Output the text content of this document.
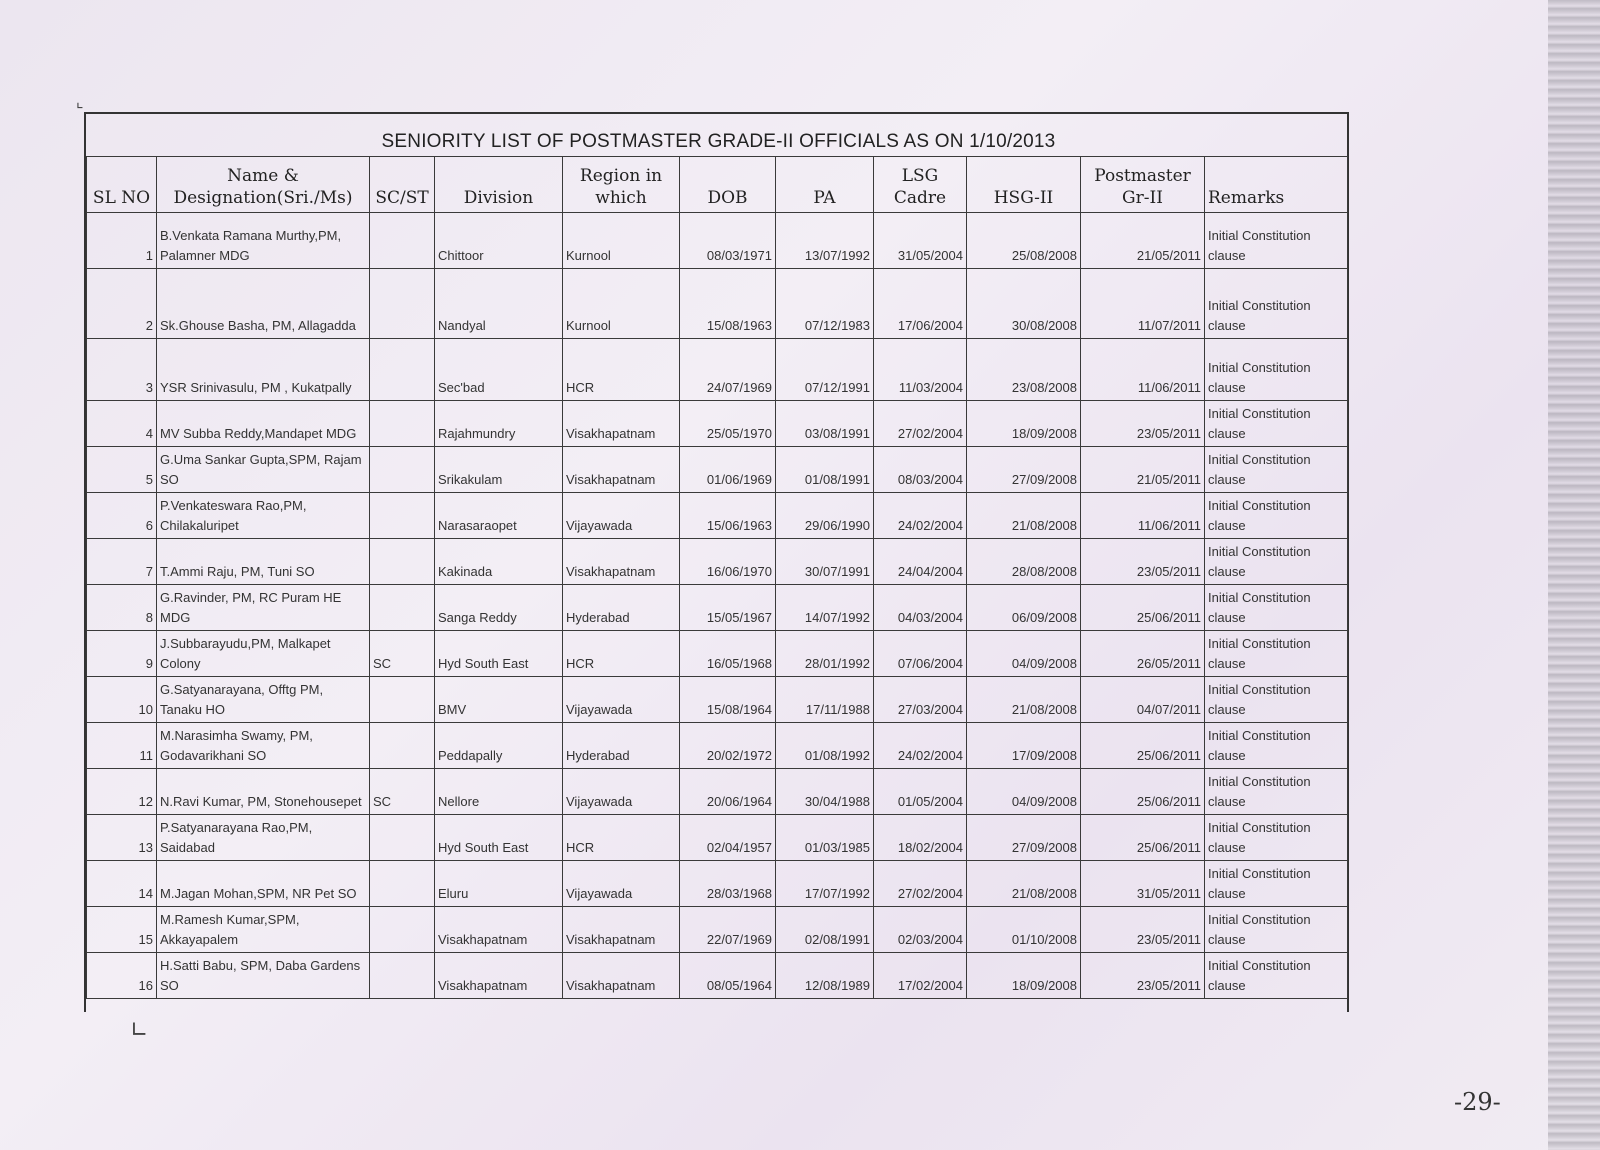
∟
⌞
SENIORITY LIST OF POSTMASTER GRADE-II OFFICIALS AS ON 1/10/2013
SL NO	Name & Designation(Sri./Ms)	SC/ST	Division	Region in which	DOB	PA	LSG Cadre	HSG-II	Postmaster Gr-II	Remarks
1	B.Venkata Ramana Murthy,PM, Palamner MDG		Chittoor	Kurnool	08/03/1971	13/07/1992	31/05/2004	25/08/2008	21/05/2011	Initial Constitution clause
2	Sk.Ghouse Basha, PM, Allagadda		Nandyal	Kurnool	15/08/1963	07/12/1983	17/06/2004	30/08/2008	11/07/2011	Initial Constitution clause
3	YSR Srinivasulu, PM , Kukatpally		Sec'bad	HCR	24/07/1969	07/12/1991	11/03/2004	23/08/2008	11/06/2011	Initial Constitution clause
4	MV Subba Reddy,Mandapet MDG		Rajahmundry	Visakhapatnam	25/05/1970	03/08/1991	27/02/2004	18/09/2008	23/05/2011	Initial Constitution clause
5	G.Uma Sankar Gupta,SPM, Rajam SO		Srikakulam	Visakhapatnam	01/06/1969	01/08/1991	08/03/2004	27/09/2008	21/05/2011	Initial Constitution clause
6	P.Venkateswara Rao,PM, Chilakaluripet		Narasaraopet	Vijayawada	15/06/1963	29/06/1990	24/02/2004	21/08/2008	11/06/2011	Initial Constitution clause
7	T.Ammi Raju, PM, Tuni SO		Kakinada	Visakhapatnam	16/06/1970	30/07/1991	24/04/2004	28/08/2008	23/05/2011	Initial Constitution clause
8	G.Ravinder, PM, RC Puram HE MDG		Sanga Reddy	Hyderabad	15/05/1967	14/07/1992	04/03/2004	06/09/2008	25/06/2011	Initial Constitution clause
9	J.Subbarayudu,PM, Malkapet Colony	SC	Hyd South East	HCR	16/05/1968	28/01/1992	07/06/2004	04/09/2008	26/05/2011	Initial Constitution clause
10	G.Satyanarayana, Offtg PM, Tanaku HO		BMV	Vijayawada	15/08/1964	17/11/1988	27/03/2004	21/08/2008	04/07/2011	Initial Constitution clause
11	M.Narasimha Swamy, PM, Godavarikhani SO		Peddapally	Hyderabad	20/02/1972	01/08/1992	24/02/2004	17/09/2008	25/06/2011	Initial Constitution clause
12	N.Ravi Kumar, PM, Stonehousepet	SC	Nellore	Vijayawada	20/06/1964	30/04/1988	01/05/2004	04/09/2008	25/06/2011	Initial Constitution clause
13	P.Satyanarayana Rao,PM, Saidabad		Hyd South East	HCR	02/04/1957	01/03/1985	18/02/2004	27/09/2008	25/06/2011	Initial Constitution clause
14	M.Jagan Mohan,SPM, NR Pet SO		Eluru	Vijayawada	28/03/1968	17/07/1992	27/02/2004	21/08/2008	31/05/2011	Initial Constitution clause
15	M.Ramesh Kumar,SPM, Akkayapalem		Visakhapatnam	Visakhapatnam	22/07/1969	02/08/1991	02/03/2004	01/10/2008	23/05/2011	Initial Constitution clause
16	H.Satti Babu, SPM, Daba Gardens SO		Visakhapatnam	Visakhapatnam	08/05/1964	12/08/1989	17/02/2004	18/09/2008	23/05/2011	Initial Constitution clause
-29-
